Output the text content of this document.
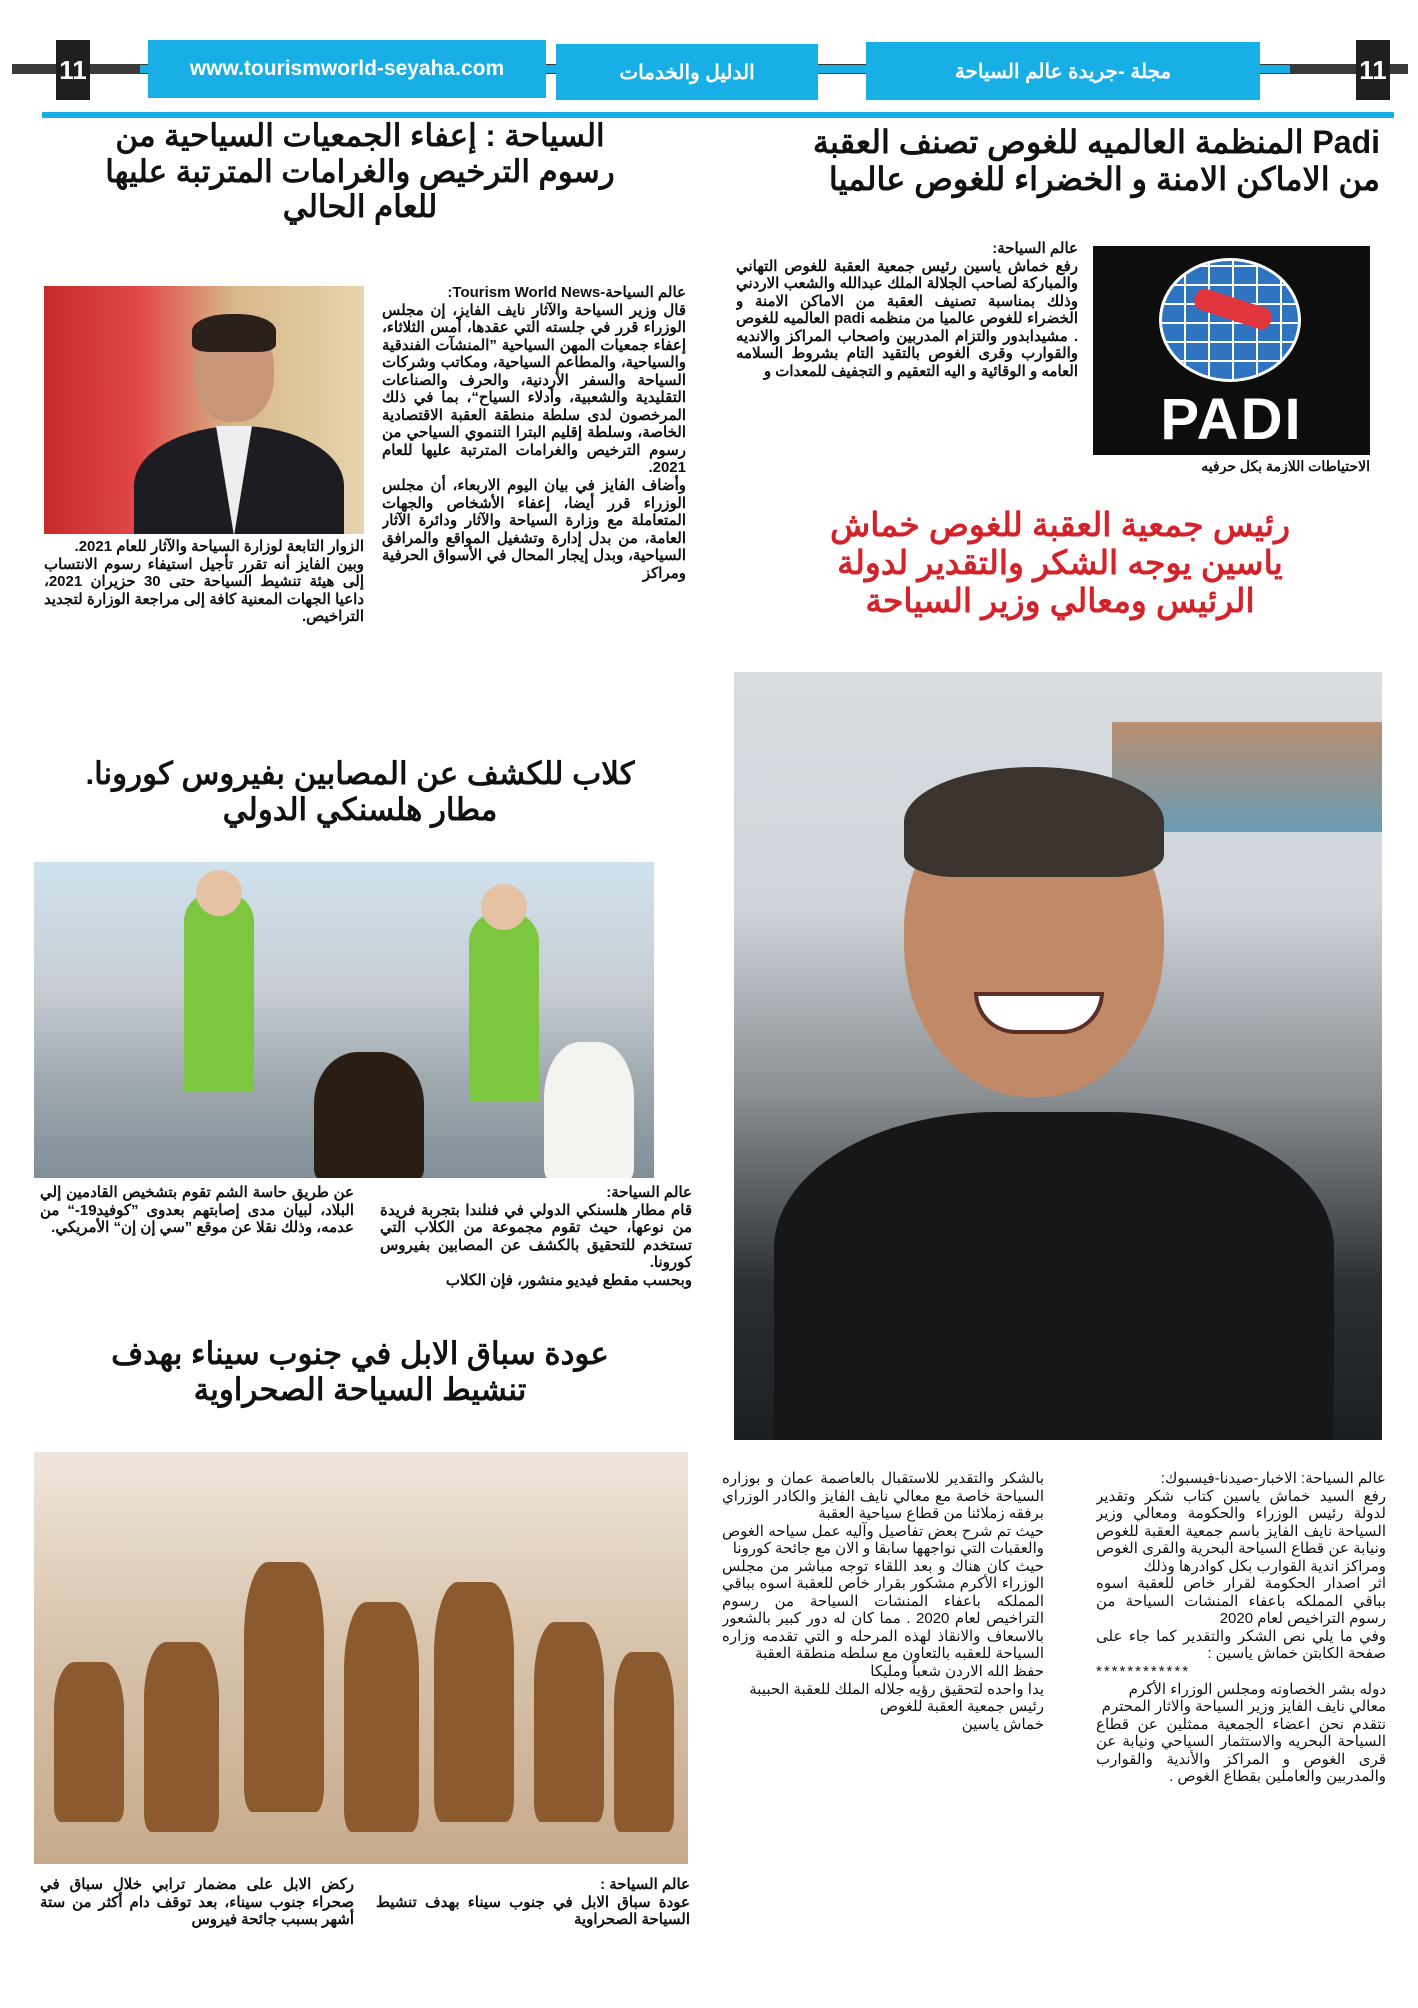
11	www.tourismworld-seyaha.com	الدليل والخدمات	مجلة -جريدة عالم السياحة	11
Padi المنظمة العالميه للغوص تصنف العقبة
من الاماكن الامنة و الخضراء للغوص عالميا
PADI
الاحتياطات اللازمة بكل حرفيه

عالم السياحة:

رفع خماش ياسين رئيس جمعية العقبة للغوص التهاني والمباركة لصاحب الجلالة الملك عبدالله والشعب الاردني وذلك بمناسبة تصنيف العقبة من الاماكن الامنة و الخضراء للغوص عالميا من منظمه padi العالميه للغوص . مشيدابدور والتزام المدربين واصحاب المراكز والانديه والقوارب وقرى الغوص بالتقيد التام بشروط السلامه العامه و الوقائية و اليه التعقيم و التجفيف للمعدات و

رئيس جمعية العقبة للغوص خماش
ياسين يوجه الشكر والتقدير لدولة
الرئيس ومعالي وزير السياحة

عالم السياحة: الاخبار-صيدنا-فيسبوك:

رفع السيد خماش ياسين كتاب شكر وتقدير لدولة رئيس الوزراء والحكومة ومعالي وزير السياحة نايف الفايز باسم جمعية العقبة للغوص ونيابة عن قطاع السياحة البحرية والقرى الغوص ومراكز اندية القوارب بكل كوادرها وذلك

اثر اصدار الحكومة لقرار خاص للعقبة اسوه بباقي المملكه باعفاء المنشات السياحة من رسوم التراخيص لعام 2020

وفي ما يلي نص الشكر والتقدير كما جاء على صفحة الكابتن خماش ياسين :

************

دوله بشر الخصاونه ومجلس الوزراء الأكرم

معالي نايف الفايز وزير السياحة والاثار المحترم

نتقدم نحن اعضاء الجمعية ممثلين عن قطاع السياحة البحريه والاستثمار السياحي ونيابة عن قرى الغوص و المراكز والأندية والقوارب والمدربين والعاملين بقطاع الغوص .

بالشكر والتقدير للاستقبال بالعاصمة عمان و بوزاره السياحة خاصة مع معالي نايف الفايز والكادر الوزراي برفقه زملائنا من قطاع سياحية العقبة

حيث تم شرح بعض تفاصيل وآليه عمل سياحه الغوص والعقبات التي نواجهها سابقا و الان مع جائحة كورونا

حيث كان هناك و بعد اللقاء توجه مباشر من مجلس الوزراء الأكرم مشكور بقرار خاص للعقبة اسوه بباقي المملكه باعفاء المنشات السياحة من رسوم التراخيص لعام 2020 . مما كان له دور كبير بالشعور بالاسعاف والانقاذ لهذه المرحله و التي تقدمه وزاره السياحة للعقبه بالتعاون مع سلطه منطقة العقبة

حفظ الله الاردن شعباً ومليكا

يدا واحده لتحقيق رؤيه جلاله الملك للعقبة الحبيبة

رئيس جمعية العقبة للغوص

خماش ياسين

السياحة : إعفاء الجمعيات السياحية من
رسوم الترخيص والغرامات المترتبة عليها
للعام الحالي

عالم السياحة-Tourism World News:

قال وزير السياحة والآثار نايف الفايز، إن مجلس الوزراء قرر في جلسته التي عقدها، أمس الثلاثاء، إعفاء جمعيات المهن السياحية ”المنشآت الفندقية والسياحية، والمطاعم السياحية، ومكاتب وشركات السياحة والسفر الأردنية، والحرف والصناعات التقليدية والشعبية، وأدلاء السياح“، بما في ذلك المرخصون لدى سلطة منطقة العقبة الاقتصادية الخاصة، وسلطة إقليم البترا التنموي السياحي من رسوم الترخيص والغرامات المترتبة عليها للعام 2021.

وأضاف الفايز في بيان اليوم الاربعاء، أن مجلس الوزراء قرر أيضا، إعفاء الأشخاص والجهات المتعاملة مع وزارة السياحة والآثار ودائرة الآثار العامة، من بدل إدارة وتشغيل المواقع والمرافق السياحية، وبدل إيجار المحال في الأسواق الحرفية ومراكز

الزوار التابعة لوزارة السياحة والآثار للعام 2021.

وبين الفايز أنه تقرر تأجيل استيفاء رسوم الانتساب إلى هيئة تنشيط السياحة حتى 30 حزيران 2021، داعيا الجهات المعنية كافة إلى مراجعة الوزارة لتجديد التراخيص.

كلاب للكشف عن المصابين بفيروس كورونا.
مطار هلسنكي الدولي

عالم السياحة:

قام مطار هلسنكي الدولي في فنلندا بتجربة فريدة من نوعها، حيث تقوم مجموعة من الكلاب التي تستخدم للتحقيق بالكشف عن المصابين بفيروس كورونا.

وبحسب مقطع فيديو منشور، فإن الكلاب

عن طريق حاسة الشم تقوم بتشخيص القادمين إلي البلاد، لبيان مدى إصابتهم بعدوى ”كوفيد19-“ من عدمه، وذلك نقلا عن موقع ”سي إن إن“ الأمريكي.

عودة سباق الابل في جنوب سيناء بهدف
تنشيط السياحة الصحراوية

عالم السياحة :

عودة سباق الابل في جنوب سيناء بهدف تنشيط السياحة الصحراوية

ركض الابل على مضمار ترابي خلال سباق في صحراء جنوب سيناء، بعد توقف دام أكثر من ستة أشهر بسبب جائحة فيروس
